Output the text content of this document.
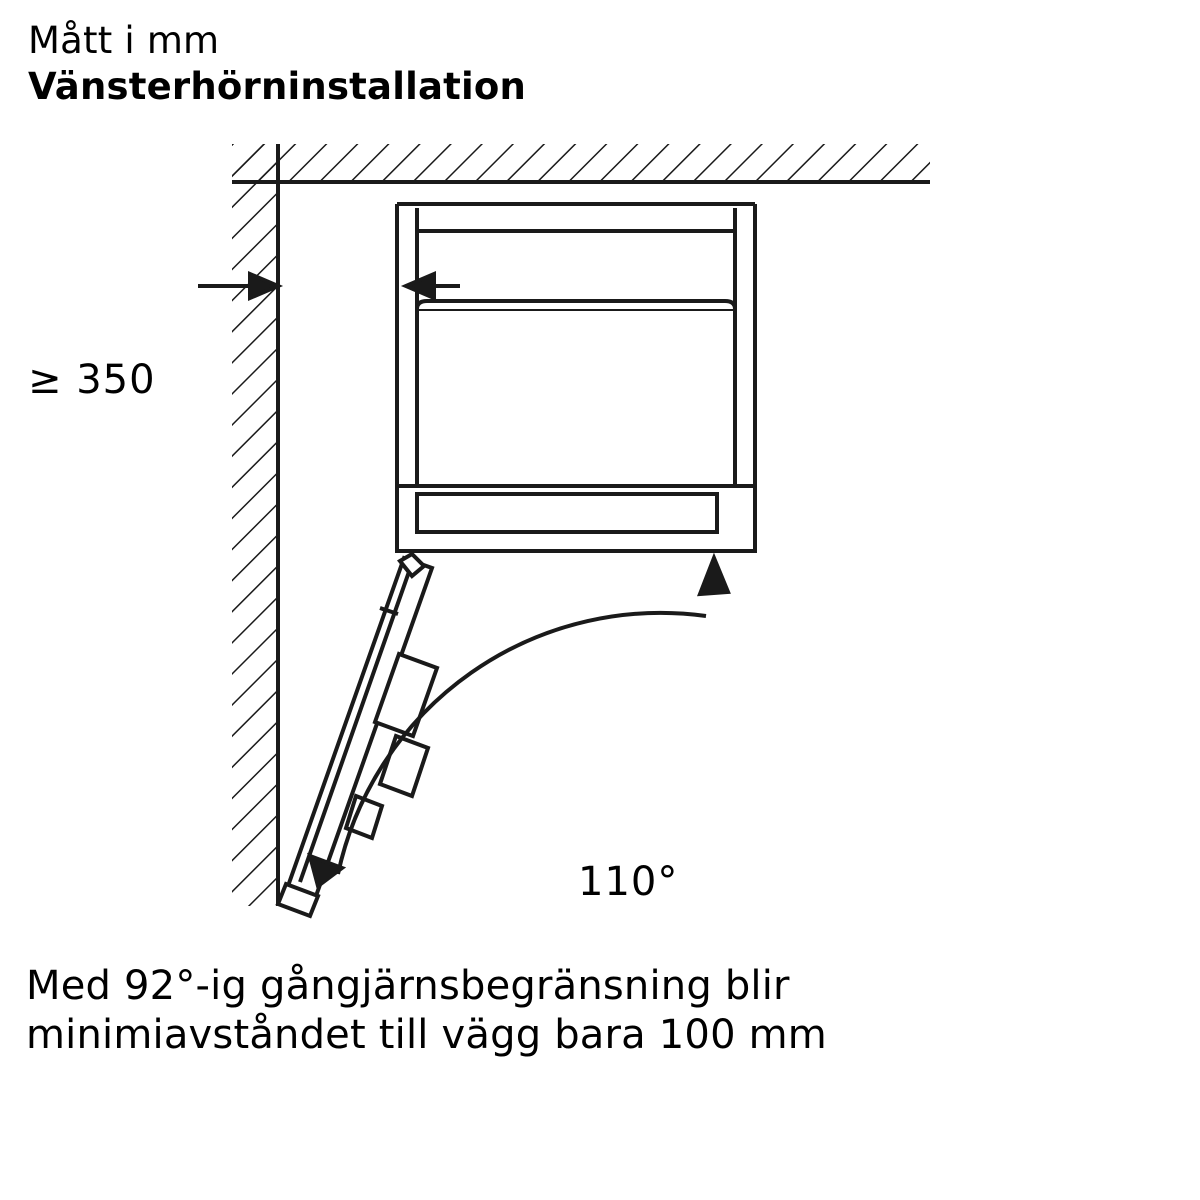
Mått i mm
Vänsterhörninstallation
≥ 350
110°
Med 92°-ig gångjärnsbegränsning blir
minimiavståndet till vägg bara 100 mm
